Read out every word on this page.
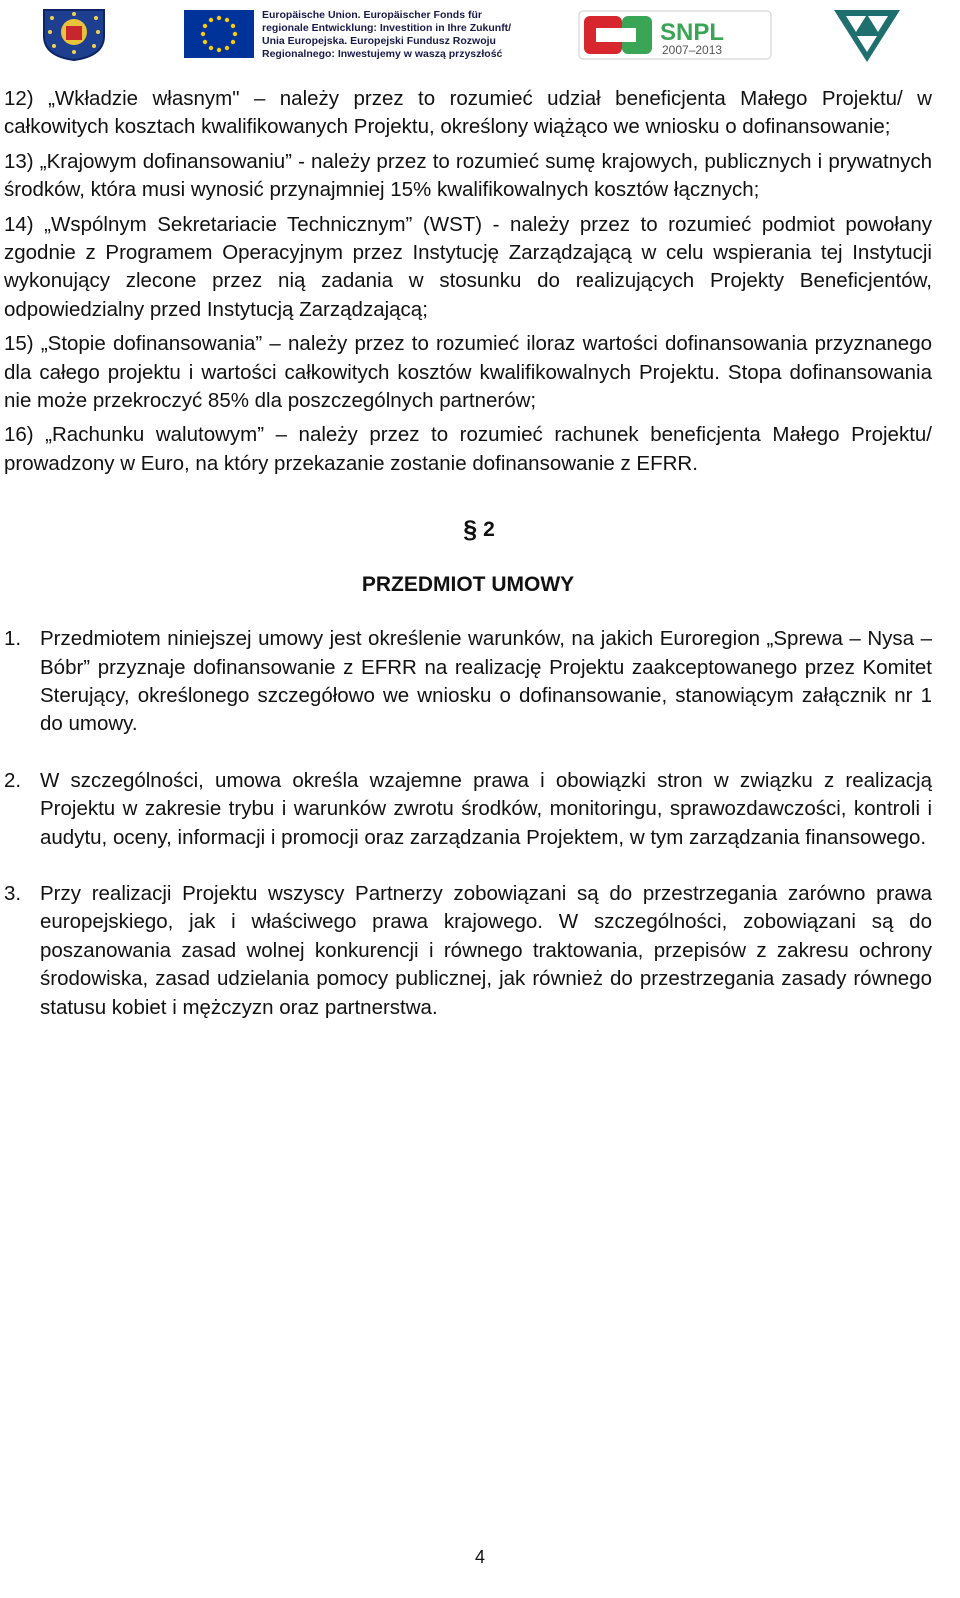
Europäische Union. Europäischer Fonds für regionale Entwicklung: Investition in Ihre Zukunft/ Unia Europejska. Europejski Fundusz Rozwoju Regionalnego: Inwestujemy w waszą przyszłość
SNPL
2007–2013

12) „Wkładzie własnym" – należy przez to rozumieć udział beneficjenta Małego Projektu/ w całkowitych kosztach kwalifikowanych Projektu, określony wiążąco we wniosku o dofinansowanie;

13) „Krajowym dofinansowaniu” - należy przez to rozumieć sumę krajowych, publicznych i prywatnych środków, która musi wynosić przynajmniej 15% kwalifikowalnych kosztów łącznych;

14) „Wspólnym Sekretariacie Technicznym” (WST) - należy przez to rozumieć podmiot powołany zgodnie z Programem Operacyjnym przez Instytucję Zarządzającą w celu wspierania tej Instytucji wykonujący zlecone przez nią zadania w stosunku do realizujących Projekty Beneficjentów, odpowiedzialny przed Instytucją Zarządzającą;

15) „Stopie dofinansowania” – należy przez to rozumieć iloraz wartości dofinansowania przyznanego dla całego projektu i wartości całkowitych kosztów kwalifikowalnych Projektu. Stopa dofinansowania nie może przekroczyć 85% dla poszczególnych partnerów;

16) „Rachunku walutowym” – należy przez to rozumieć rachunek beneficjenta Małego Projektu/ prowadzony w Euro, na który przekazanie zostanie dofinansowanie z EFRR.

§ 2
PRZEDMIOT UMOWY
1. Przedmiotem niniejszej umowy jest określenie warunków, na jakich Euroregion „Sprewa – Nysa – Bóbr” przyznaje dofinansowanie z EFRR na realizację Projektu zaakceptowanego przez Komitet Sterujący, określonego szczegółowo we wniosku o dofinansowanie, stanowiącym załącznik nr 1 do umowy.
2. W szczególności, umowa określa wzajemne prawa i obowiązki stron w związku z realizacją Projektu w zakresie trybu i warunków zwrotu środków, monitoringu, sprawozdawczości, kontroli i audytu, oceny, informacji i promocji oraz zarządzania Projektem, w tym zarządzania finansowego.
3. Przy realizacji Projektu wszyscy Partnerzy zobowiązani są do przestrzegania zarówno prawa europejskiego, jak i właściwego prawa krajowego. W szczególności, zobowiązani są do poszanowania zasad wolnej konkurencji i równego traktowania, przepisów z zakresu ochrony środowiska, zasad udzielania pomocy publicznej, jak również do przestrzegania zasady równego statusu kobiet i mężczyzn oraz partnerstwa.
4
